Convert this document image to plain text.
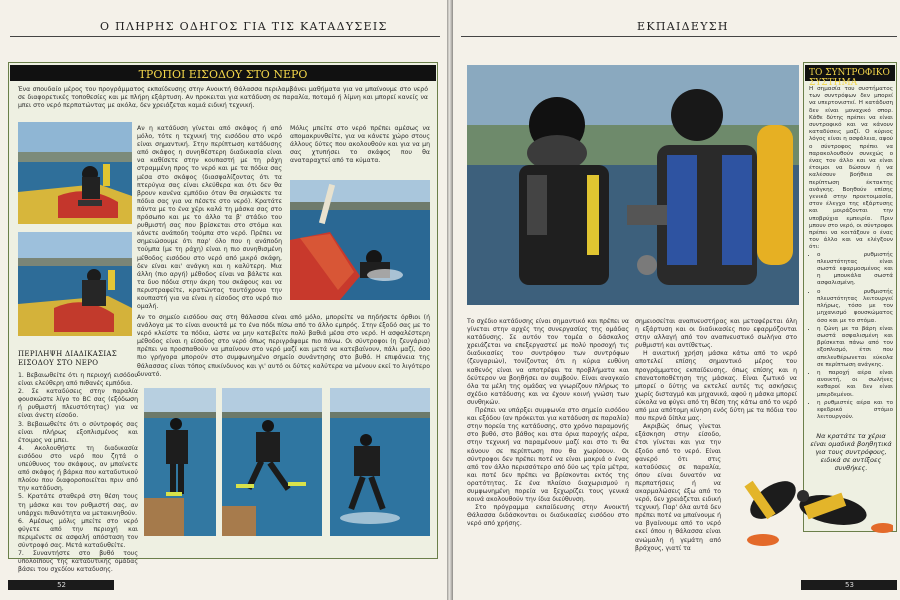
Ο ΠΛΗΡΗΣ ΟΔΗΓΟΣ ΓΙΑ ΤΙΣ ΚΑΤΑΔΥΣΕΙΣ
ΤΡΟΠΟΙ ΕΙΣΟΔΟΥ ΣΤΟ ΝΕΡΟ
Ένα σπουδαίο μέρος του προγράμματος εκπαίδευσης στην Ανοικτή Θάλασσα περιλαμβάνει μαθήματα για να μπαίνουμε στο νερό σε διαφορετικές τοποθεσίες και με πλήρη εξάρτυση. Αν προκειται για κατάδυση σε παραλία, ποταμό ή λίμνη και μπορεί κανείς να μπει στο νερό περπατώντας με ακόλα, δεν χρειάζεται καμιά ειδική τεχνική.
Αν η κατάδυση γίνεται από σκάφος ή από μόλο, τότε η τεχνική της εισόδου στο νερό είναι σημαντική. Στην περίπτωση κατάδυσης από σκάφος η συνηθέστερη διαδικασία είναι να καθίσετε στην κουπαστή με τη ράχη στραμμένη προς το νερό και με τα πόδια σας μέσα στο σκάφος (διασφαλίζοντας ότι τα πτερύγια σας είναι ελεύθερα και ότι δεν θα βρουν κανένα εμπόδιο όταν θα σηκώσετε τα πόδια σας για να πέσετε στο νερό). Κρατάτε πάντα με το ένα χέρι καλά τη μάσκα σας στο πρόσωπο και με το άλλο τα β' στάδιο του ρυθμιστή σας που βρίσκεται στο στόμα και κάνετε ανάποδη τούμπα στο νερό. Πρέπει να σημειώσουμε ότι παρ' όλο που η ανάποδη τούμπα (με τη ράχη) είναι η πιο συνηθισμένη μέθοδος εισόδου στο νερό από μικρό σκάφη, δεν είναι και' ανάγκη και η καλύτερη. Μια άλλη (πιο αργή) μέθοδος είναι να βάλετε και τα δυο πόδια στην άκρη του σκάφους και να περιστραφείτε, κρατώντας ταυτόχρονα την κουπαστή για να είναι η είσοδος στο νερό πιο ομαλή.
Μόλις μπείτε στο νερό πρέπει αμέσως να απομακρυνθείτε, για να κάνετε χώρο στους άλλους δύτες που ακολουθούν και για να μη σας χτυπήσει το σκάφος που θα αναταραχτεί από τα κύματα.
Αν το σημείο εισόδου σας στη θάλασσα είναι από μόλο, μπορείτε να πηδήσετε όρθιοι (ή ανάλογα με το είναι ανοικτά με το ένα πόδι πίσω από το άλλο εμπρός. Στην έξοδό σας με το νερό κλείστε τα πόδια, ώστε να μην κατεβείτε πολύ βαθιά μέσα στο νερό. Η ασφαλέστερη μέθοδος είναι η είσοδος στο νερό όπως περιγράψαμε πιο πάνω. Οι σύντροφοι (η ζευγάρια) πρέπει να προσπαθούν να μπαίνουν στο νερό μαζί και μετά να κατεβαίνουν, πάλι μαζί, όσο πιο γρήγορα μπορούν στο συμφωνημένο σημείο συνάντησης στο βυθό. Η επιφάνεια της θάλασσας είναι τόπος επικίνδυνος και γι' αυτό οι δύτες καλύτερα να μένουν εκεί το λιγότερο δυνατό.
ΠΕΡΙΛΗΨΗ ΔΙΑΔΙΚΑΣΙΑΣ ΕΙΣΟΔΟΥ ΣΤΟ ΝΕΡΟ
1. Βεβαιωθείτε ότι η περιοχή εισόδου είναι ελεύθερη από πιθανές εμπόδια.
2. Σε καταδύσεις στην παραλία φουσκώστε λίγο το BC σας (εξόδωση ή ρυθμιστή πλευστότητας) για να είναι άνετη είσοδο.
3. Βεβαιωθείτε ότι ο σύντροφός σας είναι πλήρως εξοπλισμένος και έτοιμος να μπει.
4. Ακολουθήστε τη διαδικασία εισόδου στο νερό που ζητά ο υπεύθυνος του σκάφους, αν μπαίνετε από σκάφος ή βάρκα που καταδυτικού πλοίου που διαφοροποιείται πριν από την κατάδυση.
5. Κρατάτε σταθερά στη θέση τους τη μάσκα και τον ρυθμιστή σας, αν υπάρχει πιθανότητα να μετακινηθούν.
6. Αμέσως μόλις μπείτε στο νερό φύγετε από την περιοχή και περιμένετε σε ασφαλή απόσταση τον σύντροφό σας. Μετά καταδυθείτε.
7. Συναντήστε στο βυθό τους υπολοίπους της καταδυτικής ομάδας βάσει του σχεδίου καταδυσης.
52
ΕΚΠΑΙΔΕΥΣΗ
ΤΟ ΣΥΝΤΡΟΦΙΚΟ ΣΥΣΤΗΜΑ
Η σημασία του συστήματος των συντρόφων δεν μπορεί να υπερτονιστεί. Η κατάδυση δεν είναι μοναχικό σπορ. Κάθε δύτης πρέπει να είναι συντροφικό και να κάνουν καταδύσεις μαζί. Ο κύριος λόγος είναι η ασφάλεια, αφού ο σύντροφος πρέπει να παρακολουθούν συνεχώς ο ένας τον άλλο και να είναι έτοιμοι να δώσουν ή να καλέσουν βοήθεια σε περίπτωση έκτακτης ανάγκης. Βοηθούν επίσης γενικά στην προετοιμασία, στον έλεγχο της εξάρτυσης και μοιράζονται την υποβρύχια εμπειρία. Πριν μπουν στο νερό, οι σύντροφοι πρέπει να κοιτάξουν ο ένας τον άλλο και να ελέγξουν ότι:
• ο ρυθμιστής πλευστότητας είναι σωστά εφαρμοσμένος και η μπουκάλα σωστά ασφαλισμένη.
• ο ρυθμιστής πλευστότητας λειτουργεί πλήρως, τόσο με τον μηχανισμό φουσκώματος όσο και με το στόμα.
• η ζώνη με τα βάρη είναι σωστά ασφαλισμένη και βρίσκεται πάνω από τον εξοπλισμό, έτσι που απελευθέρωνεται εύκολα σε περίπτωση ανάγκης.
• η παροχή αέρα είναι ανοικτή, οι σωλήνες καθαροί και δεν είναι μπερδεμένοι.
• η ρυθμιστές αέρα και το εφεδρικό στόμιο λειτουργούν.
Να κρατάτε τα χέρια είναι ομαδικά βοηθητικά για τους συντρόφους, ειδικά σε αντίξοες συνθήκες.
Το σχέδιο κατάδυσης είναι σημαντικό και πρέπει να γίνεται στην αρχές της συνεργασίας της ομάδας κατάδυσης. Σε αυτόν τον τομέα ο δάσκαλος χρειάζεται να επεξεργαστεί με πολύ προσοχή τις διαδικασίες του συντρόφου των συντρόφων (ζευγαριών), τονίζοντας ότι η κύρια ευθύνη καθενός είναι να αποτρέψει τα προβλήματα και δεύτερον να βοηθήσει αν συμβούν. Είναι αναγκαίο όλα τα μέλη της ομάδας να γνωρίζουν πλήρως το σχέδιο κατάδυσης και να έχουν κοινή γνώση των συνθηκών.
Πρέπει να υπάρξει συμφωνία στο σημείο εισόδου και εξόδου (αν πρόκειται για κατάδυση σε παραλία) στην πορεία της κατάδυσης, στο χρόνο παραμονής στο βυθό, στο βάθος και στα όρια παροχής αέρα, στην τεχνική να παραμένουν μαζί και στο τι θα κάνουν σε περίπτωση που θα χωρίσουν. Οι σύντροφοι δεν πρέπει ποτέ να είναι μακριά ο ένας από τον άλλο περισσότερο από δύο ως τρία μέτρα, και ποτέ δεν πρέπει να βρίσκονται εκτός της ορατότητας. Σε ένα πλαίσιο διαχωρισμού η συμφωνημένη πορεία να ξεχωρίζει τους γενικά κοινά ακολουθούν την ίδια διεύθυνση.
Στο πρόγραμμα εκπαίδευσης στην Ανοικτή Θάλασσα διδάσκονται οι διαδικασίες εισόδου στο νερό από χρήσης.
σημειοσείται αναπνευστήρας και μεταφέρεται όλη η εξάρτυση και οι διαδικασίες που εφαρμόζονται στην αλλαγή από τον αναπνευστικό σωλήνα στο ρυθμιστή και αντίθετως.
Η ανιατική χρήση μάσκα κάτω από το νερό αποτελεί επίσης σημαντικό μέρος του προγράμματος εκπαίδευσης, όπως επίσης και η επανατοποθέτηση της μάσκας. Είναι ζωτικό να μπορεί ο δύτης να εκτελεί αυτές τις ασκήσεις χωρίς δισταγμό και μηχανικά, αφού η μάσκα μπορεί εύκολα να φύγει από τη θέση της κάτω από το νερό από μια απότομη κίνηση ενός δύτη με τα πόδια του που περνά δίπλα μας.
Ακριβώς όπως γίνεται εξάσκηση στην είσοδο, έτσι γίνεται και για την έξοδο από το νερό. Είναι φανερό ότι στις καταδύσεις σε παραλία, όπου είναι δυνατόν να περπατήσεις ή να ακαρμαλώσεις έξω από το νερό, δεν χρειάζεται ειδική τεχνική. Παρ' όλα αυτά δεν πρέπει ποτέ να μπαίνουμε ή να βγαίνουμε από το νερό εκεί όπου η θάλασσα είναι ανώμαλη ή γεμάτη από βράχους, γιατί τα
53
